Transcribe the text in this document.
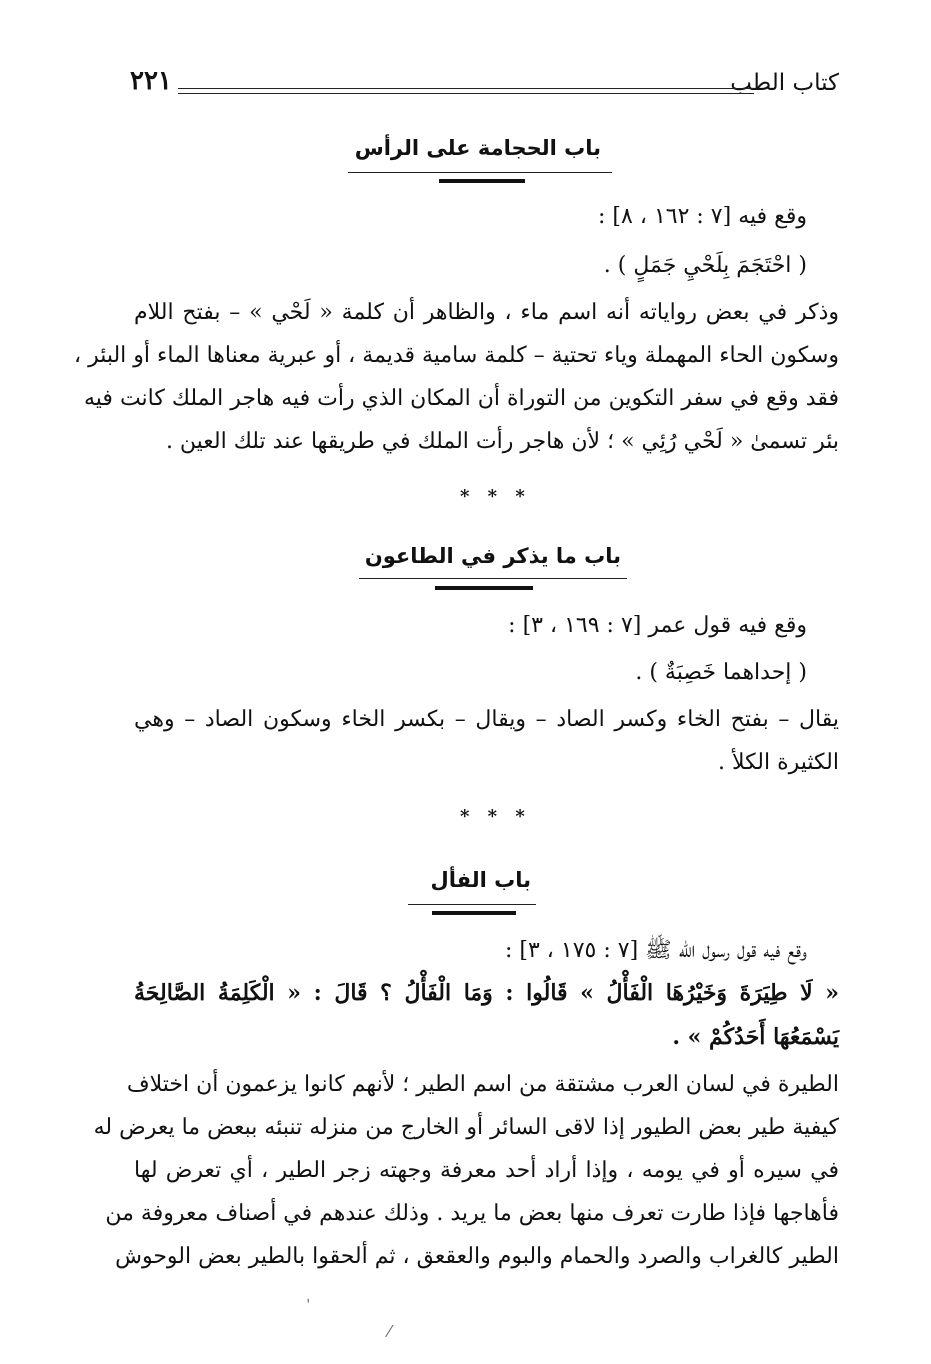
كتاب الطب
٢٢١
باب الحجامة على الرأس
وقع فيه [٧ : ١٦٢ ، ٨] :
( احْتَجَمَ بِلَحْيِ جَمَلٍ ) .
وذكر في بعض رواياته أنه اسم ماء ، والظاهر أن كلمة « لَحْي » – بفتح اللام
وسكون الحاء المهملة وياء تحتية – كلمة سامية قديمة ، أو عبرية معناها الماء أو البئر ،
فقد وقع في سفر التكوين من التوراة أن المكان الذي رأت فيه هاجر الملك كانت فيه
بئر تسمىٰ « لَحْي رُئِي » ؛ لأن هاجر رأت الملك في طريقها عند تلك العين .
* * *
باب ما يذكر في الطاعون
وقع فيه قول عمر [٧ : ١٦٩ ، ٣] :
( إحداهما خَصِبَةٌ ) .
يقال – بفتح الخاء وكسر الصاد – ويقال – بكسر الخاء وسكون الصاد – وهي
الكثيرة الكلأ .
* * *
باب الفأل
وقع فيه قول رسول الله ﷺ [٧ : ١٧٥ ، ٣] :
« لَا طِيَرَةَ وَخَيْرُهَا الْفَأْلُ » قَالُوا : وَمَا الْفَأْلُ ؟ قَالَ : « الْكَلِمَةُ الصَّالِحَةُ
يَسْمَعُهَا أَحَدُكُمْ » .
الطيرة في لسان العرب مشتقة من اسم الطير ؛ لأنهم كانوا يزعمون أن اختلاف
كيفية طير بعض الطيور إذا لاقى السائر أو الخارج من منزله تنبئه ببعض ما يعرض له
في سيره أو في يومه ، وإذا أراد أحد معرفة وجهته زجر الطير ، أي تعرض لها
فأهاجها فإذا طارت تعرف منها بعض ما يريد . وذلك عندهم في أصناف معروفة من
الطير كالغراب والصرد والحمام والبوم والعقعق ، ثم ألحقوا بالطير بعض الوحوش
ˈ
⁄
